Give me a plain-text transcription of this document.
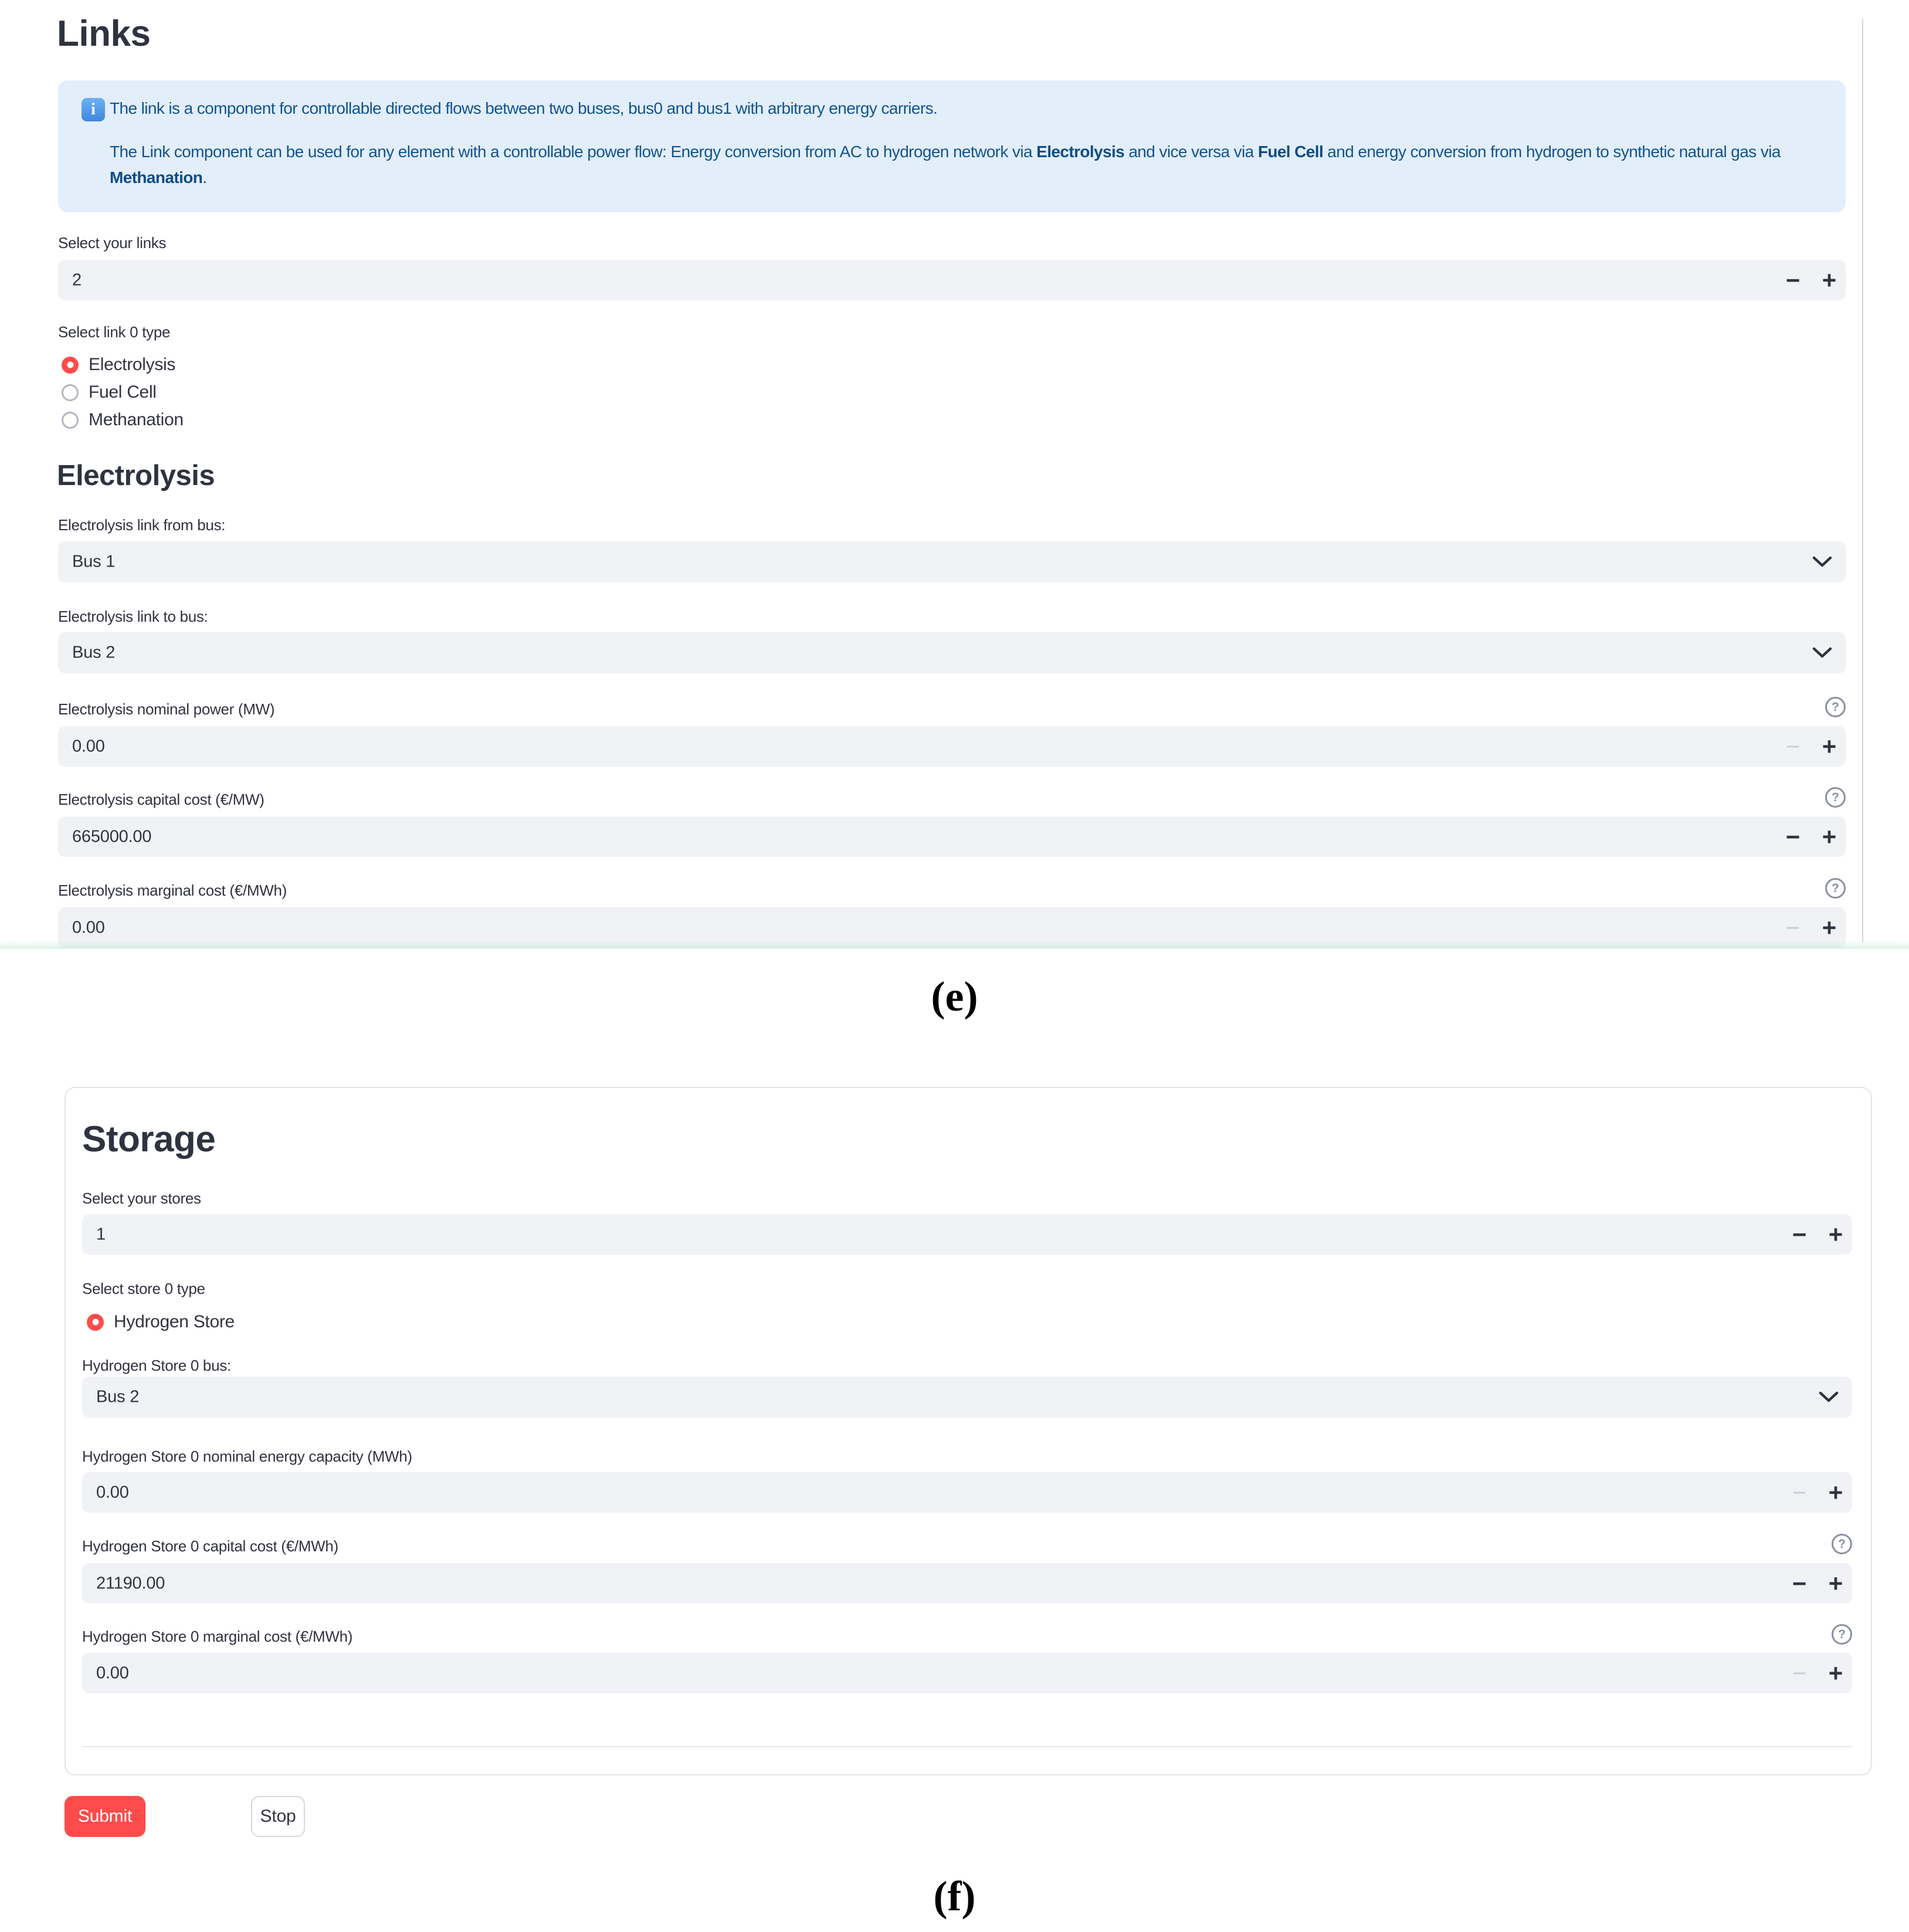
Links
i The link is a component for controllable directed flows between two buses, bus0 and bus1 with arbitrary energy carriers.
The Link component can be used for any element with a controllable power flow: Energy conversion from AC to hydrogen network via Electrolysis and vice versa via Fuel Cell and energy conversion from hydrogen to synthetic natural gas via
Methanation.
Select your links
2	− +
Select link 0 type
Electrolysis
Fuel Cell
Methanation
Electrolysis
Electrolysis link from bus:
Bus 1
Electrolysis link to bus:
Bus 2
Electrolysis nominal power (MW)	?
0.00	− +
Electrolysis capital cost (€/MW)	?
665000.00	− +
Electrolysis marginal cost (€/MWh)	?
0.00	− +
(e)
Storage
Select your stores
1	− +
Select store 0 type
Hydrogen Store
Hydrogen Store 0 bus:
Bus 2
Hydrogen Store 0 nominal energy capacity (MWh)
0.00	− +
Hydrogen Store 0 capital cost (€/MWh)	?
21190.00	− +
Hydrogen Store 0 marginal cost (€/MWh)	?
0.00	− +
Submit	Stop
(f)
